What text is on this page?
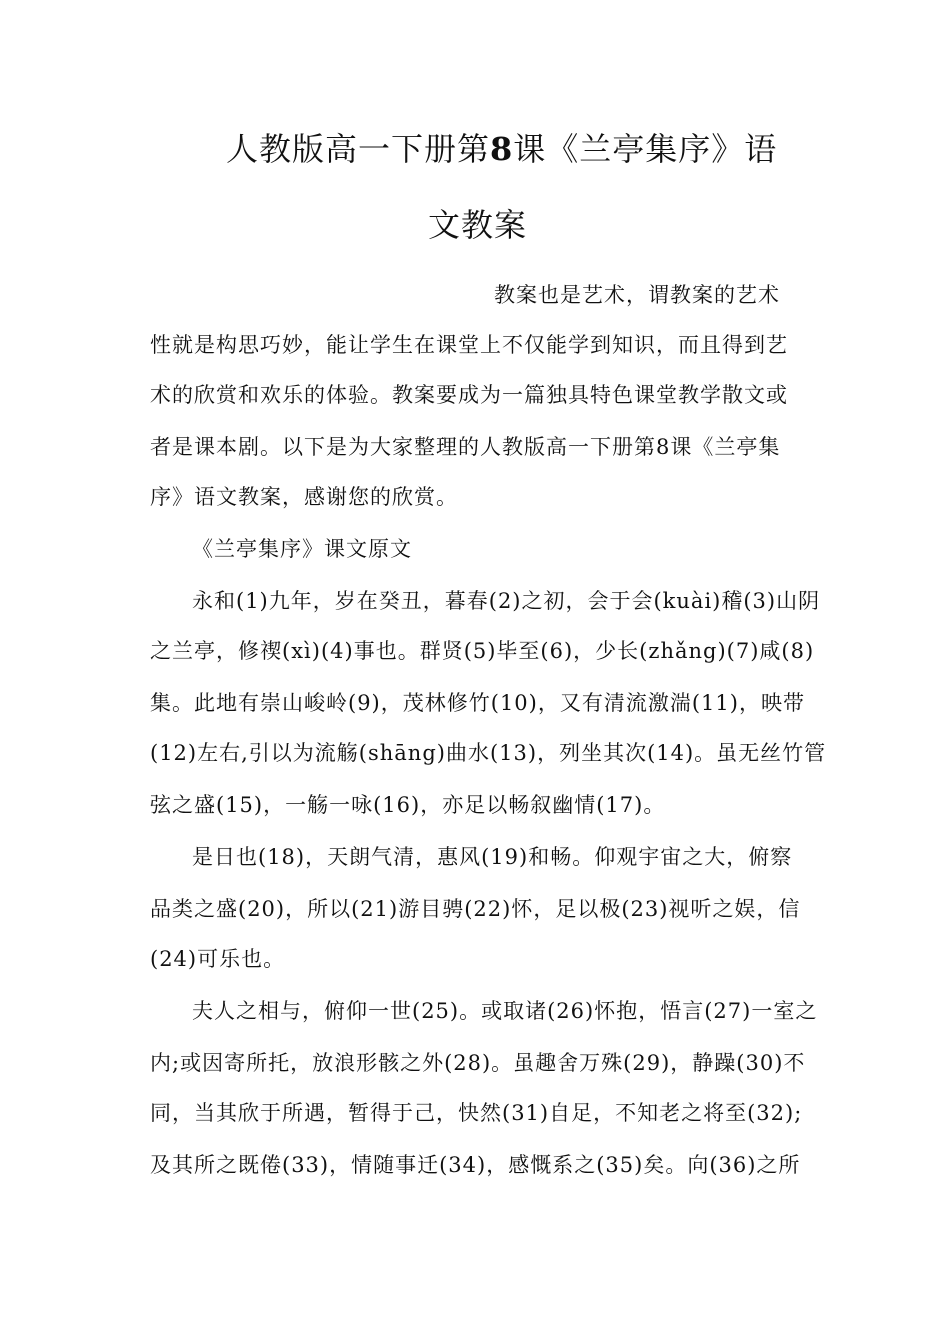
人教版高一下册第8课《兰亭集序》语
文教案
教案也是艺术，谓教案的艺术
性就是构思巧妙，能让学生在课堂上不仅能学到知识，而且得到艺
术的欣赏和欢乐的体验。教案要成为一篇独具特色课堂教学散文或
者是课本剧。以下是为大家整理的人教版高一下册第8课《兰亭集
序》语文教案，感谢您的欣赏。
《兰亭集序》课文原文
永和(1)九年，岁在癸丑，暮春(2)之初，会于会(kuài)稽(3)山阴
之兰亭，修禊(xì)(4)事也。群贤(5)毕至(6)，少长(zhǎng)(7)咸(8)
集。此地有崇山峻岭(9)，茂林修竹(10)，又有清流激湍(11)，映带
(12)左右,引以为流觞(shāng)曲水(13)，列坐其次(14)。虽无丝竹管
弦之盛(15)，一觞一咏(16)，亦足以畅叙幽情(17)。
是日也(18)，天朗气清，惠风(19)和畅。仰观宇宙之大，俯察
品类之盛(20)，所以(21)游目骋(22)怀，足以极(23)视听之娱，信
(24)可乐也。
夫人之相与，俯仰一世(25)。或取诸(26)怀抱，悟言(27)一室之
内;或因寄所托，放浪形骸之外(28)。虽趣舍万殊(29)，静躁(30)不
同，当其欣于所遇，暂得于己，快然(31)自足，不知老之将至(32);
及其所之既倦(33)，情随事迁(34)，感慨系之(35)矣。向(36)之所
